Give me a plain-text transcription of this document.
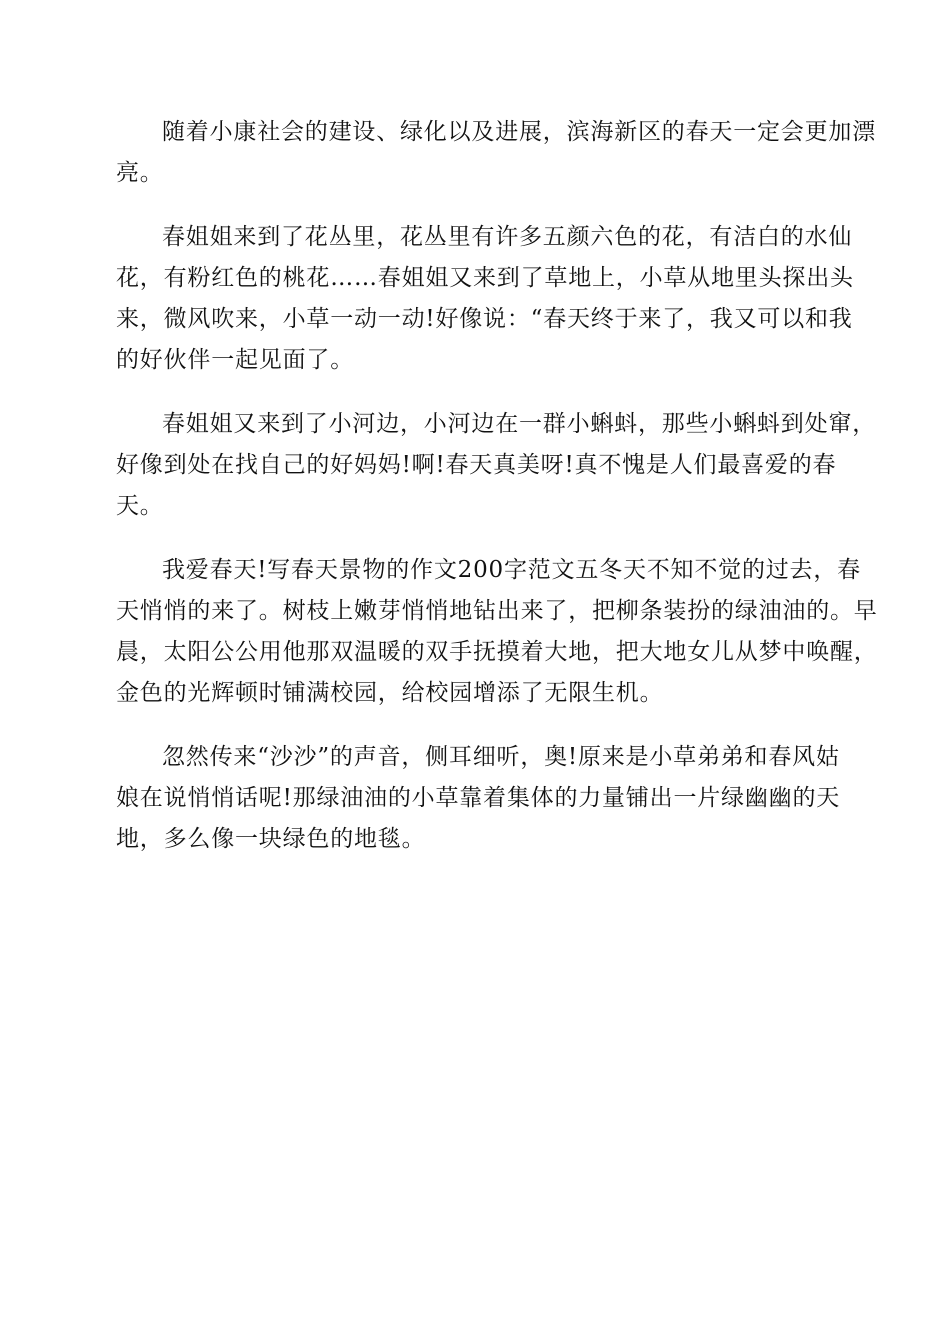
随着小康社会的建设、绿化以及进展，滨海新区的春天一定会更加漂
亮。

春姐姐来到了花丛里，花丛里有许多五颜六色的花，有洁白的水仙
花，有粉红色的桃花……春姐姐又来到了草地上，小草从地里头探出头
来，微风吹来，小草一动一动!好像说：“春天终于来了，我又可以和我
的好伙伴一起见面了。

春姐姐又来到了小河边，小河边在一群小蝌蚪，那些小蝌蚪到处窜，
好像到处在找自己的好妈妈!啊!春天真美呀!真不愧是人们最喜爱的春
天。

我爱春天!写春天景物的作文200字范文五冬天不知不觉的过去，春
天悄悄的来了。树枝上嫩芽悄悄地钻出来了，把柳条装扮的绿油油的。早
晨，太阳公公用他那双温暖的双手抚摸着大地，把大地女儿从梦中唤醒，
金色的光辉顿时铺满校园，给校园增添了无限生机。

忽然传来“沙沙”的声音，侧耳细听，奥!原来是小草弟弟和春风姑
娘在说悄悄话呢!那绿油油的小草靠着集体的力量铺出一片绿幽幽的天
地，多么像一块绿色的地毯。
